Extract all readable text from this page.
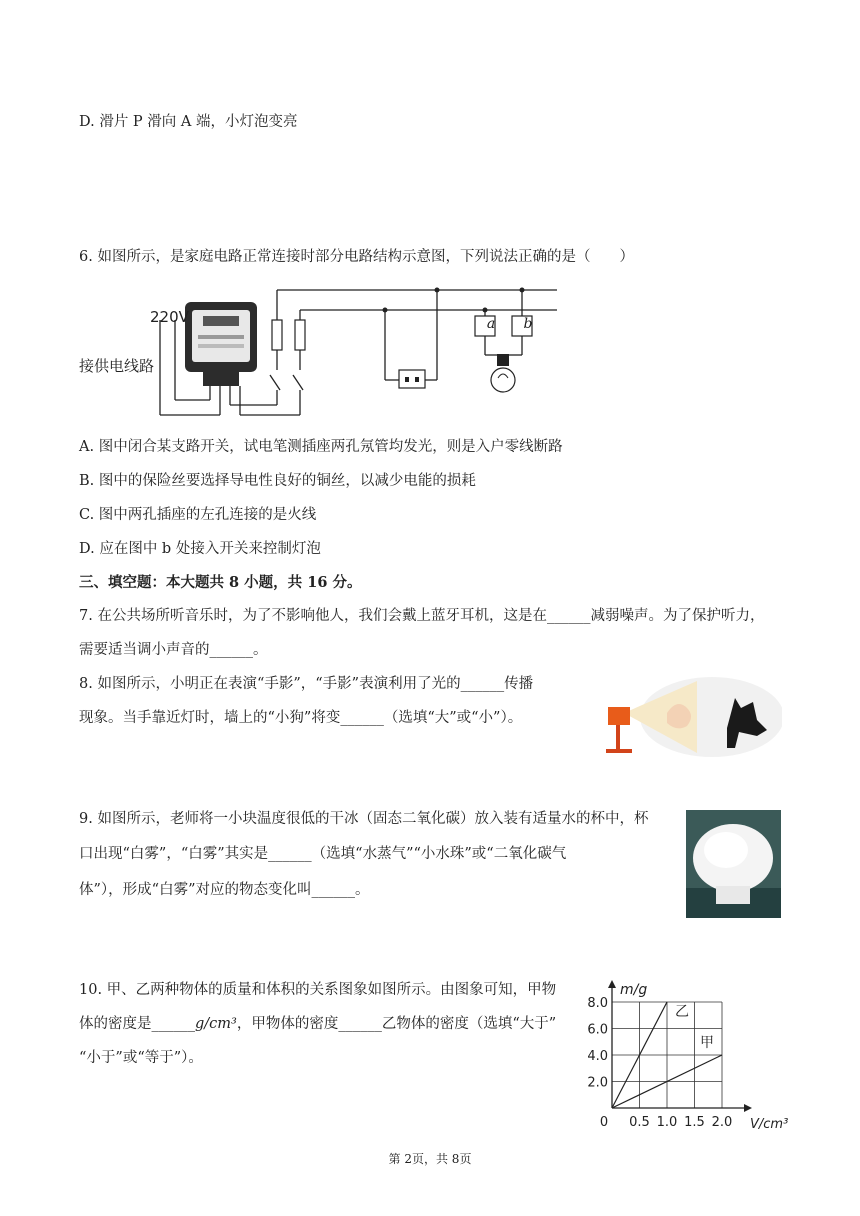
D. 滑片 P 滑向 A 端，小灯泡变亮
6. 如图所示，是家庭电路正常连接时部分电路结构示意图，下列说法正确的是（　　）
220V
接供电线路
a	b
A. 图中闭合某支路开关，试电笔测插座两孔氖管均发光，则是入户零线断路
B. 图中的保险丝要选择导电性良好的铜丝，以减少电能的损耗
C. 图中两孔插座的左孔连接的是火线
D. 应在图中 b 处接入开关来控制灯泡
三、填空题：本大题共 8 小题，共 16 分。
7. 在公共场所听音乐时，为了不影响他人，我们会戴上蓝牙耳机，这是在______减弱噪声。为了保护听力，
需要适当调小声音的______。
8. 如图所示，小明正在表演“手影”，“手影”表演利用了光的______传播
现象。当手靠近灯时，墙上的“小狗”将变______（选填“大”或“小”）。
9. 如图所示，老师将一小块温度很低的干冰（固态二氧化碳）放入装有适量水的杯中，杯
口出现“白雾”，“白雾”其实是______（选填“水蒸气”“小水珠”或“二氧化碳气
体”），形成“白雾”对应的物态变化叫______。
10. 甲、乙两种物体的质量和体积的关系图象如图所示。由图象可知，甲物
体的密度是______g/cm³，甲物体的密度______乙物体的密度（选填“大于”
“小于”或“等于”）。
0 0.5 1.0 1.5 2.0
2.0
4.0
6.0
8.0
m/g
V/cm³
乙
甲
第 2页，共 8页
